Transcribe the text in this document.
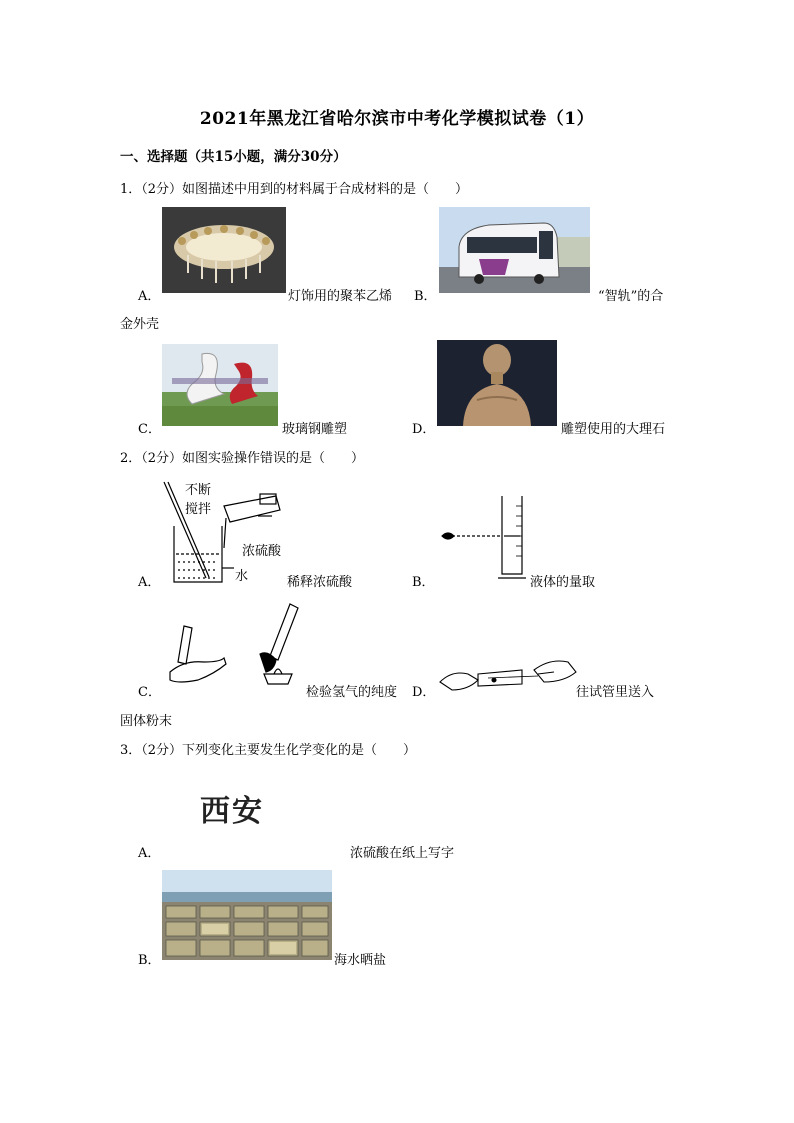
2021年黑龙江省哈尔滨市中考化学模拟试卷（1）
一、选择题（共15小题，满分30分）
1．（2分）如图描述中用到的材料属于合成材料的是（　　）
A．	灯饰用的聚苯乙烯 B．	“智轨”的合
金外壳
C．	玻璃钢雕塑	D．	雕塑使用的大理石
2．（2分）如图实验操作错误的是（　　）
A．
不断
搅拌
浓硫酸
水	稀释浓硫酸	B．	液体的量取
C．	检验氢气的纯度 D．	往试管里送入
固体粉末
3．（2分）下列变化主要发生化学变化的是（　　）
西安
A．	浓硫酸在纸上写字
B．	海水晒盐
